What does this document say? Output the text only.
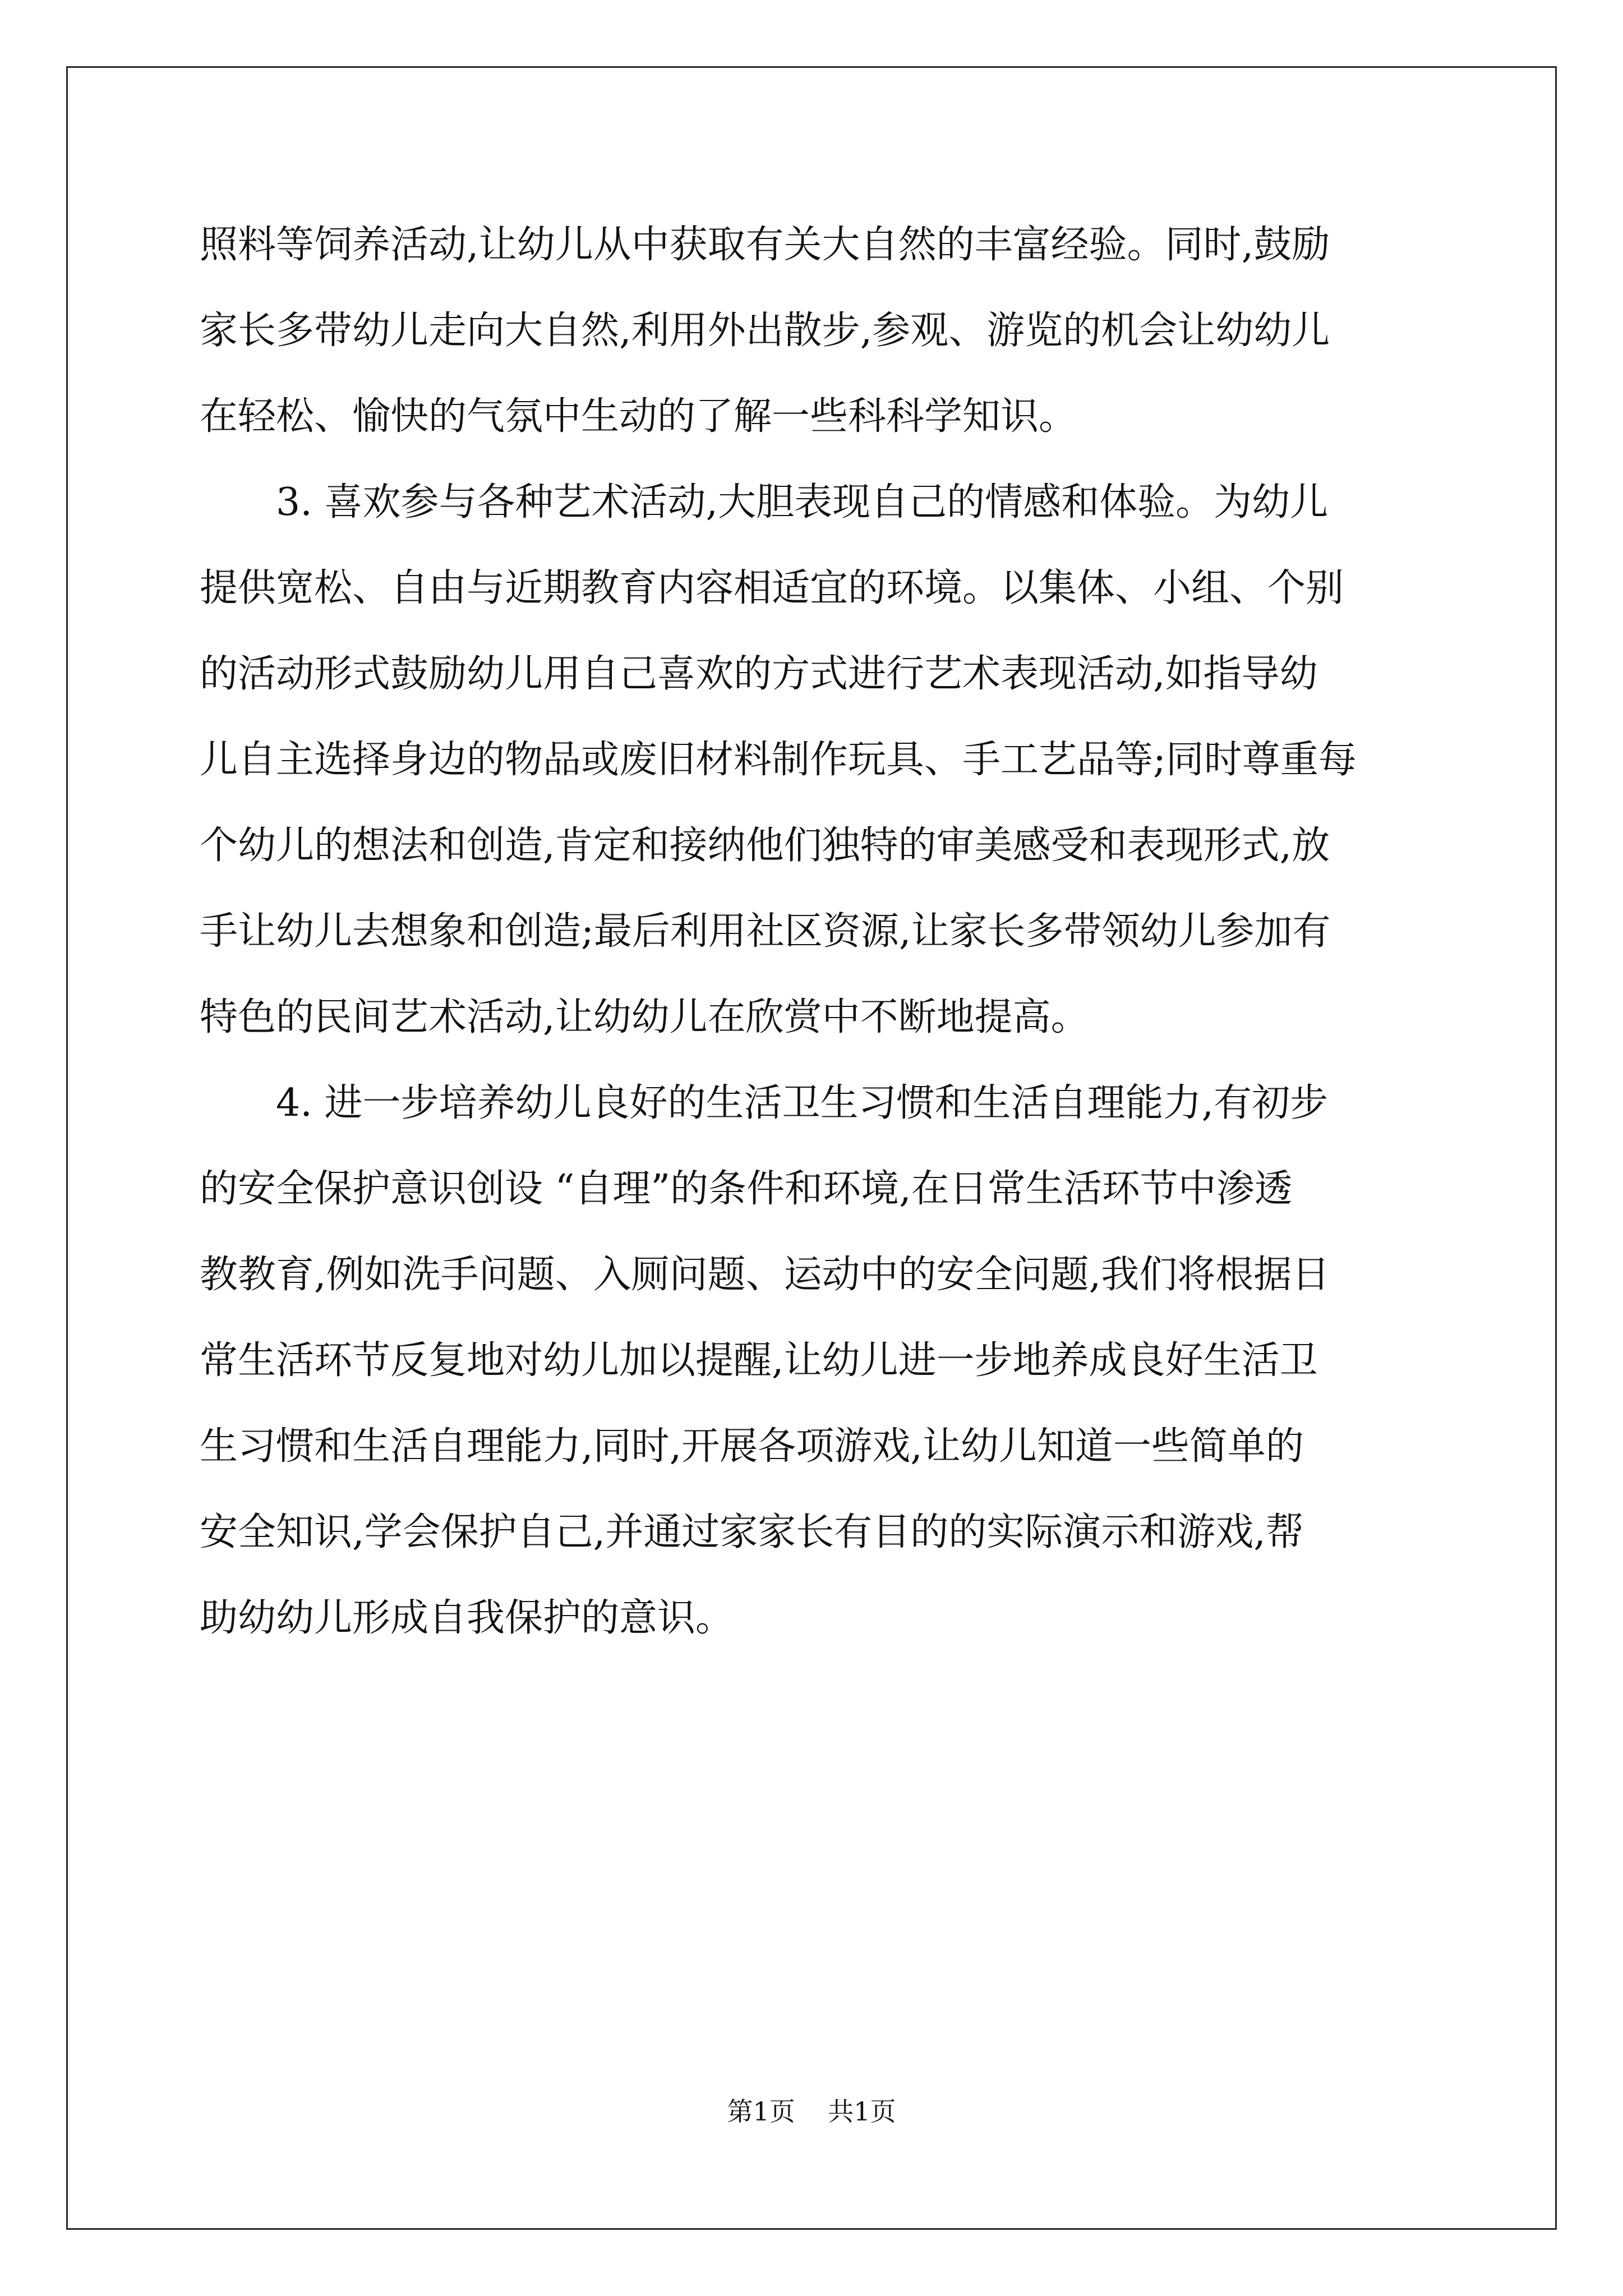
照料等饲养活动,让幼儿从中获取有关大自然的丰富经验。同时,鼓励
家长多带幼儿走向大自然,利用外出散步,参观、游览的机会让幼幼儿
在轻松、愉快的气氛中生动的了解一些科科学知识。
3. 喜欢参与各种艺术活动,大胆表现自己的情感和体验。为幼儿
提供宽松、自由与近期教育内容相适宜的环境。以集体、小组、个别
的活动形式鼓励幼儿用自己喜欢的方式进行艺术表现活动,如指导幼
儿自主选择身边的物品或废旧材料制作玩具、手工艺品等;同时尊重每
个幼儿的想法和创造,肯定和接纳他们独特的审美感受和表现形式,放
手让幼儿去想象和创造;最后利用社区资源,让家长多带领幼儿参加有
特色的民间艺术活动,让幼幼儿在欣赏中不断地提高。
4. 进一步培养幼儿良好的生活卫生习惯和生活自理能力,有初步
的安全保护意识创设 “自理”的条件和环境,在日常生活环节中渗透
教教育,例如洗手问题、入厕问题、运动中的安全问题,我们将根据日
常生活环节反复地对幼儿加以提醒,让幼儿进一步地养成良好生活卫
生习惯和生活自理能力,同时,开展各项游戏,让幼儿知道一些简单的
安全知识,学会保护自己,并通过家家长有目的的实际演示和游戏,帮
助幼幼儿形成自我保护的意识。
第1页 共1页
